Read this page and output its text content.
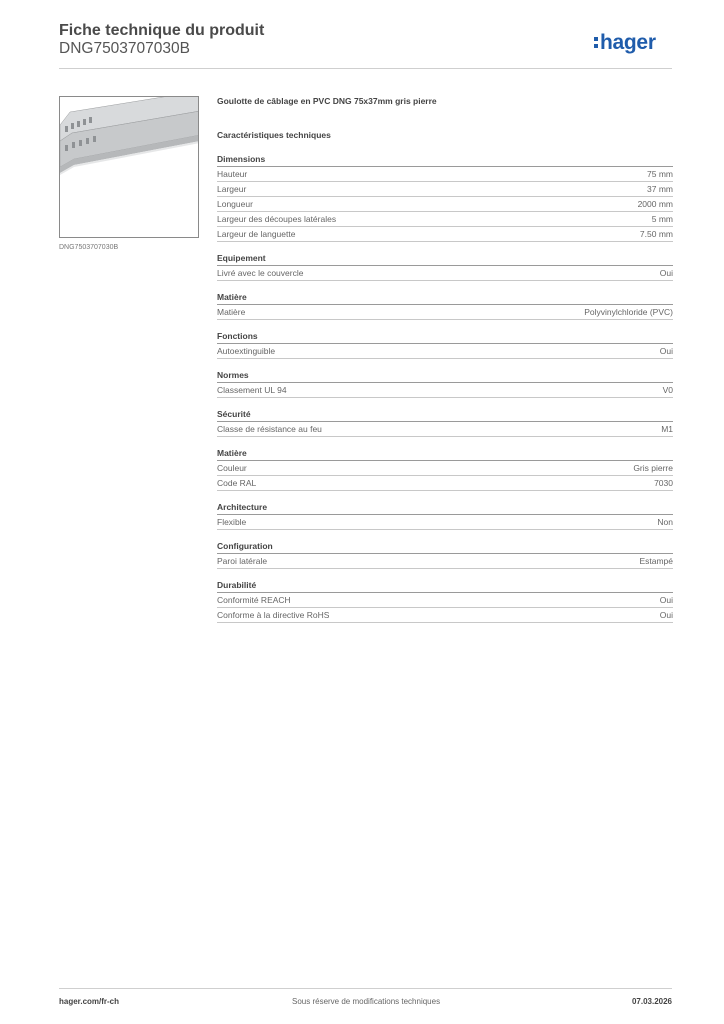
Fiche technique du produit
DNG7503707030B	hager
DNG7503707030B
Goulotte de câblage en PVC DNG 75x37mm gris pierre
Caractéristiques techniques
Dimensions
Hauteur	75 mm
Largeur	37 mm
Longueur	2000 mm
Largeur des découpes latérales	5 mm
Largeur de languette	7.50 mm
Equipement
Livré avec le couvercle	Oui
Matière
Matière	Polyvinylchloride (PVC)
Fonctions
Autoextinguible	Oui
Normes
Classement UL 94	V0
Sécurité
Classe de résistance au feu	M1
Matière
Couleur	Gris pierre
Code RAL	7030
Architecture
Flexible	Non
Configuration
Paroi latérale	Estampé
Durabilité
Conformité REACH	Oui
Conforme à la directive RoHS	Oui
hager.com/fr-ch	Sous réserve de modifications techniques	07.03.2026
